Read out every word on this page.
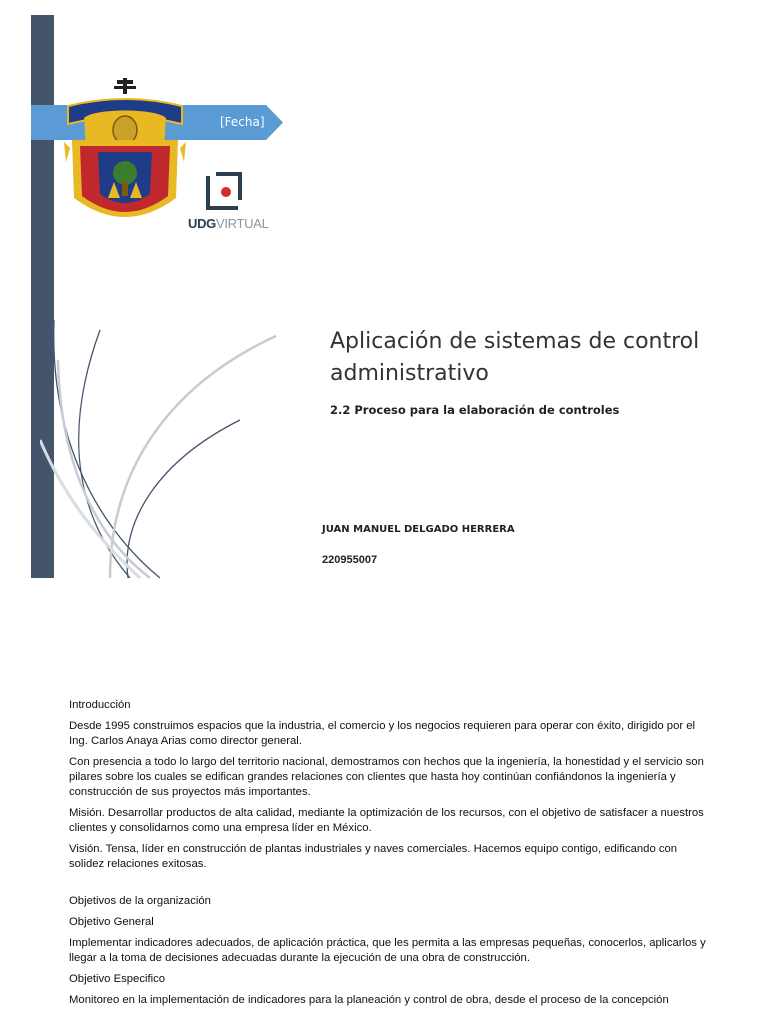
[Fecha]
UDGVIRTUAL
Aplicación de sistemas de control administrativo
2.2 Proceso para la elaboración de controles
JUAN MANUEL DELGADO HERRERA
220955007

Introducción

Desde 1995 construimos espacios que la industria, el comercio y los negocios requieren para operar con éxito, dirigido por el Ing. Carlos Anaya Arias como director general.

Con presencia a todo lo largo del territorio nacional, demostramos con hechos que la ingeniería, la honestidad y el servicio son pilares sobre los cuales se edifican grandes relaciones con clientes que hasta hoy continúan confiándonos la ingeniería y construcción de sus proyectos más importantes.

Misión. Desarrollar productos de alta calidad, mediante la optimización de los recursos, con el objetivo de satisfacer a nuestros clientes y consolidarnos como una empresa líder en México.

Visión. Tensa, líder en construcción de plantas industriales y naves comerciales. Hacemos equipo contigo, edificando con solidez relaciones exitosas.

Objetivos de la organización

Objetivo General

Implementar indicadores adecuados, de aplicación práctica, que les permita a las empresas pequeñas, conocerlos, aplicarlos y llegar a la toma de decisiones adecuadas durante la ejecución de una obra de construcción.

Objetivo Especifico

Monitoreo en la implementación de indicadores para la planeación y control de obra, desde el proceso de la concepción
